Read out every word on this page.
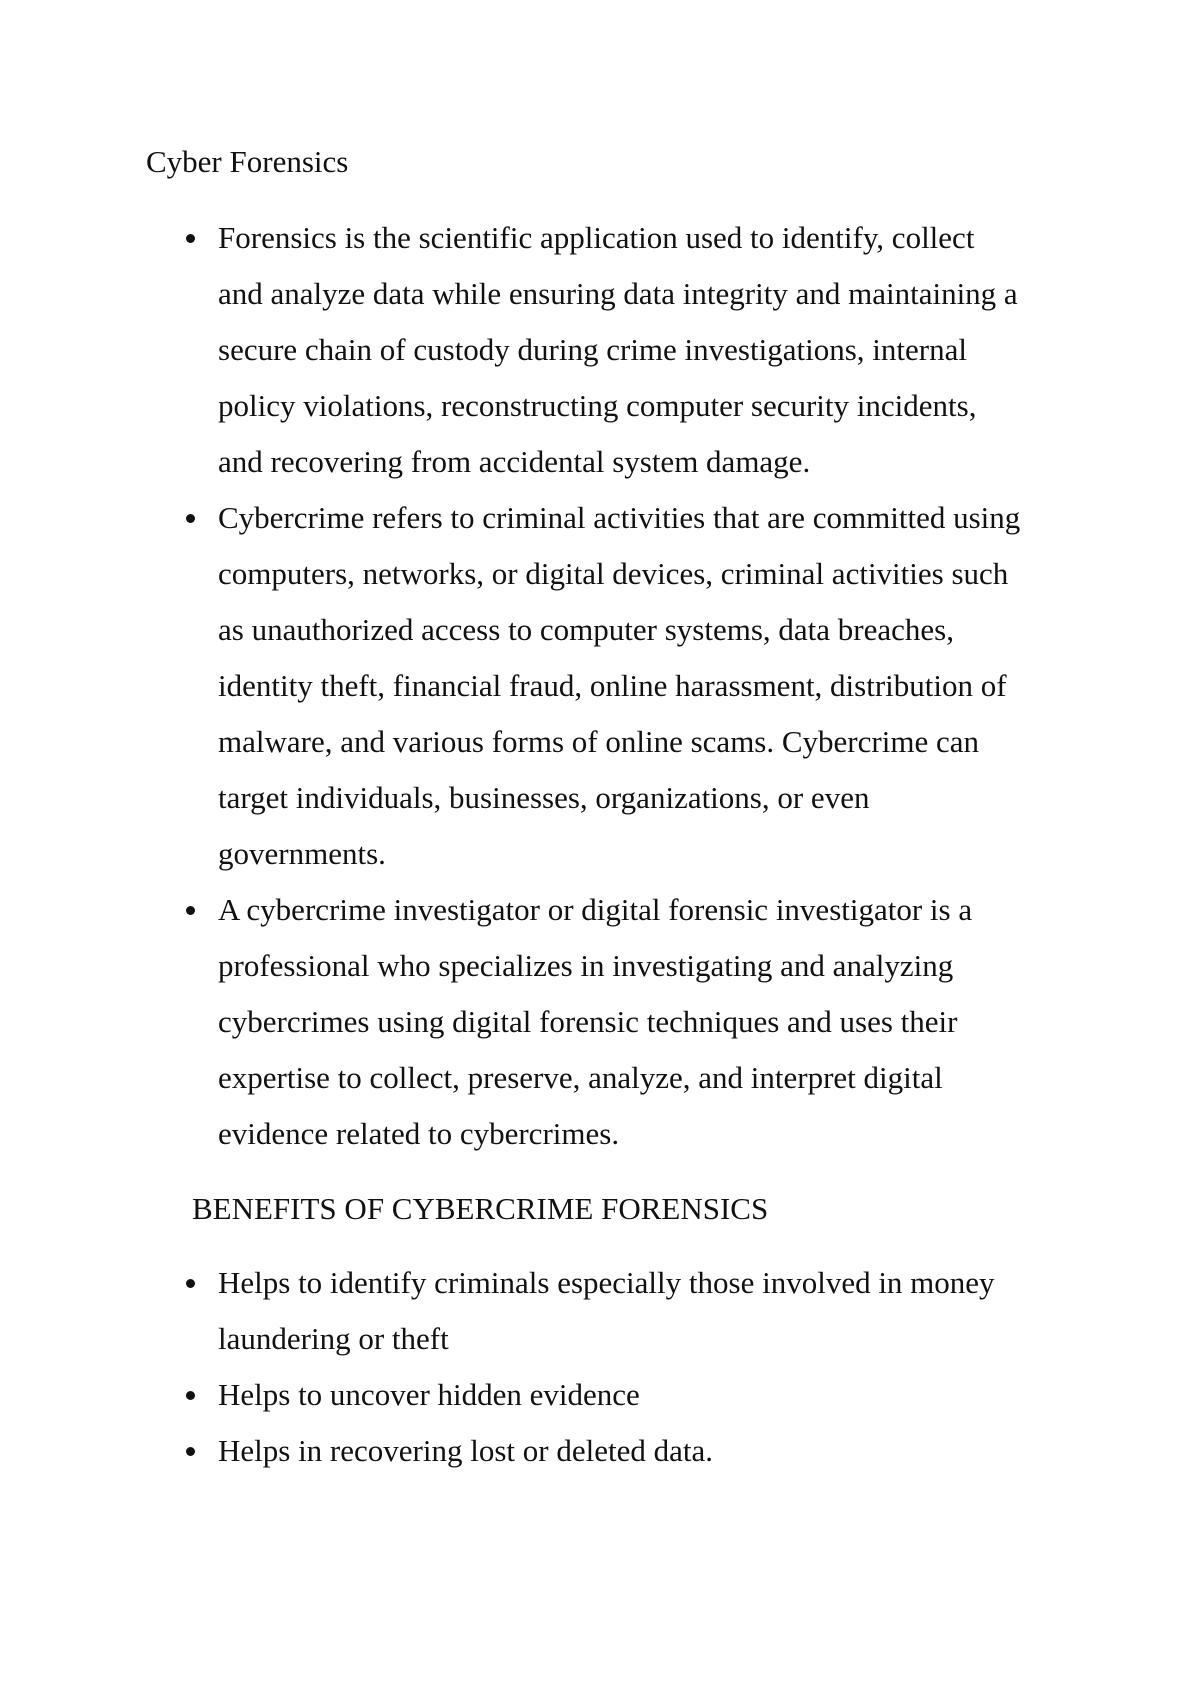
Cyber Forensics
Forensics is the scientific application used to identify, collect
and analyze data while ensuring data integrity and maintaining a
secure chain of custody during crime investigations, internal
policy violations, reconstructing computer security incidents,
and recovering from accidental system damage.
Cybercrime refers to criminal activities that are committed using
computers, networks, or digital devices, criminal activities such
as unauthorized access to computer systems, data breaches,
identity theft, financial fraud, online harassment, distribution of
malware, and various forms of online scams. Cybercrime can
target individuals, businesses, organizations, or even
governments.
A cybercrime investigator or digital forensic investigator is a
professional who specializes in investigating and analyzing
cybercrimes using digital forensic techniques and uses their
expertise to collect, preserve, analyze, and interpret digital
evidence related to cybercrimes.
BENEFITS OF CYBERCRIME FORENSICS
Helps to identify criminals especially those involved in money
laundering or theft
Helps to uncover hidden evidence
Helps in recovering lost or deleted data.
